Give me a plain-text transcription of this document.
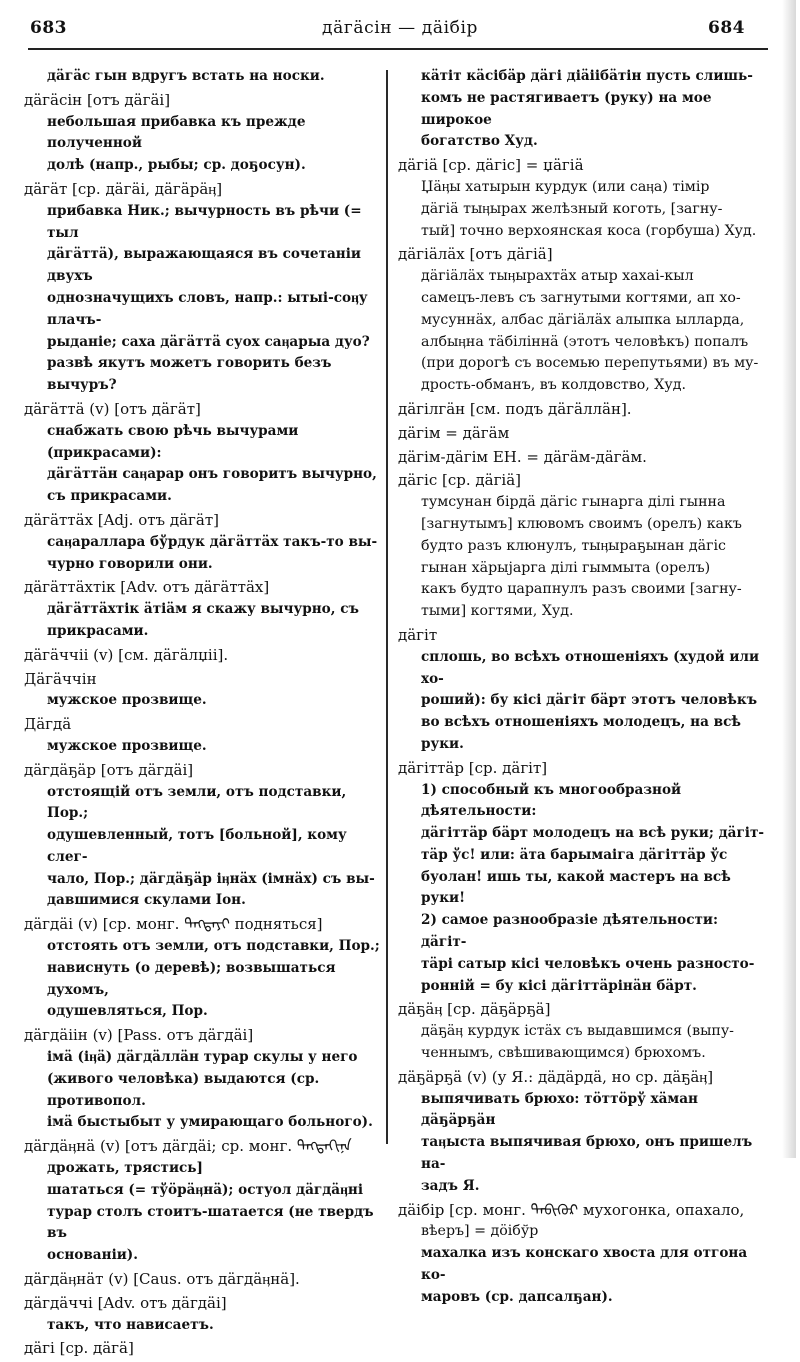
683	дäгäсiн — дäiбiр	684
дäгäс гын вдругъ встать на носки.
дäгäсiн [отъ дäгäi]
небольшая прибавка къ прежде полученной
долѣ (напр., рыбы; ср. доҕосун).
дäгäт [ср. дäгäi, дäгäрäӊ]
прибавка Ник.; вычурность въ рѣчи (= тыл
дäгäттä), выражающаяся въ сочетанiи двухъ
однозначущихъ словъ, напр.: ытыi-соӊу плачъ-
рыданiе; саха дäгäттä суох саӊарыа дуо?
развѣ якутъ можетъ говорить безъ вычуръ?
дäгäттä (v) [отъ дäгäт]
снабжать свою рѣчь вычурами (прикрасами):
дäгäттäн саӊарар онъ говоритъ вычурно,
съ прикрасами.
дäгäттäх [Adj. отъ дäгäт]
саӊаралларa бўрдук дäгäттäх такъ-то вы-
чурно говорили они.
дäгäттäхтiк [Adv. отъ дäгäттäх]
дäгäттäхтiк äтiäм я скажу вычурно, съ
прикрасами.
дäгäччii (v) [см. дäгäлџii].
Дäгäччiн
мужское прозвище.
Дäгдä
мужское прозвище.
дäгдäҕäр [отъ дäгдäi]
отстоящiй отъ земли, отъ подставки, Пор.;
одушевленный, тотъ [больной], кому слег-
чало, Пор.; дäгдäҕäр iӊнäх (iмнäх) съ вы-
давшимися скулами Iон.
дäгдäi (v) [ср. монг. ᠳᠡᠭᠳᠡᠶᠢ подняться]
отстоять отъ земли, отъ подставки, Пор.;
нависнуть (о деревѣ); возвышаться духомъ,
одушевляться, Пор.
дäгдäiiн (v) [Pass. отъ дäгдäi]
iмä (iӊä) дäгдäллäн турар скулы у него
(живого человѣка) выдаются (ср. противопол.
iмä быстыбыт у умирающаго больного).
дäгдäӊнä (v) [отъ дäгдäi; ср. монг. ᠳᠡᠭᠳᠡᠭᠢᠨᠡ
дрожать, трястись]
шататься (= тўöрäӊнä); остуол дäгдäӊнi
турар столъ стоитъ-шатается (не твердъ въ
основанiи).
дäгдäӊнäт (v) [Caus. отъ дäгдäӊнä].
дäгдäччi [Adv. отъ дäгдäi]
такъ, что нависаетъ.
дäгi [ср. дäгä]
кäтiт кäсiбäр дäгi дiäiiбäтiн пусть слишь-
комъ не растягиваетъ (руку) на мое широкое
богатство Худ.
дäгiä [ср. дäгiс] = џäгiä
Џäӊы хатырын курдук (или саӊа) тiмiр
дäгiä тыӊырах желѣзный коготь, [загну-
тый] точно верхоянская коса (горбуша) Худ.
дäгiäлäх [отъ дäгiä]
дäгiäлäх тыӊырахтäх атыр хахаi-кыл
самецъ-левъ съ загнутыми когтями, ап хо-
мусуннäх, албас дäгiäлäх алыпка ылларда,
албыӊна тäбiлiннä (этотъ человѣкъ) попалъ
(при дорогѣ съ восемью перепутьями) въ му-
дрость-обманъ, въ колдовство, Худ.
дäгiлгäн [см. подъ дäгäллäн].
дäгiм = дäгäм
дäгiм-дäгiм ЕН. = дäгäм-дäгäм.
дäгiс [ср. дäгiä]
тумсунан бiрдä дäгiс гынарга дiлi гынна
[загнутымъ] клювомъ своимъ (орелъ) какъ
будто разъ клюнулъ, тыӊыраҕынан дäгiс
гынан хäрыjарга дiлi гыммыта (орелъ)
какъ будто царапнулъ разъ своими [загну-
тыми] когтями, Худ.
дäгiт
сплошь, во всѣхъ отношенiяхъ (худой или хо-
роший): бу кiсi дäгiт бäрт этотъ человѣкъ
во всѣхъ отношенiяхъ молодецъ, на всѣ руки.
дäгiттäр [ср. дäгiт]
1) способный къ многообразной дѣятельности:
дäгiттäр бäрт молодецъ на всѣ руки; дäгiт-
тäр ўс! или: äта барымаiга дäгiттäр ўс
буолан! ишь ты, какой мастеръ на всѣ руки!
2) самое разнообразiе дѣятельности: дäгiт-
тäрi сатыр кiсi человѣкъ очень разносто-
роннiй = бу кiсi дäгiттäрiнäн бäрт.
дäҕäӊ [ср. дäҕäрҕä]
дäҕäӊ курдук iстäх съ выдавшимся (выпу-
ченнымъ, свѣшивающимся) брюхомъ.
дäҕäрҕä (v) (у Я.: дäдäрдä, но ср. дäҕäӊ]
выпячивать брюхо: тöттöрў хäман дäҕäрҕäн
таӊыста выпячивая брюхо, онъ пришелъ на-
задъ Я.
дäiбiр [ср. монг. ᠳᠡᠪᠢᠭᠦᠷ мухогонка, опахало,
вѣеръ] = дöiбўр
махалка изъ конскаго хвоста для отгона ко-
маровъ (ср. дапсалҕан).
